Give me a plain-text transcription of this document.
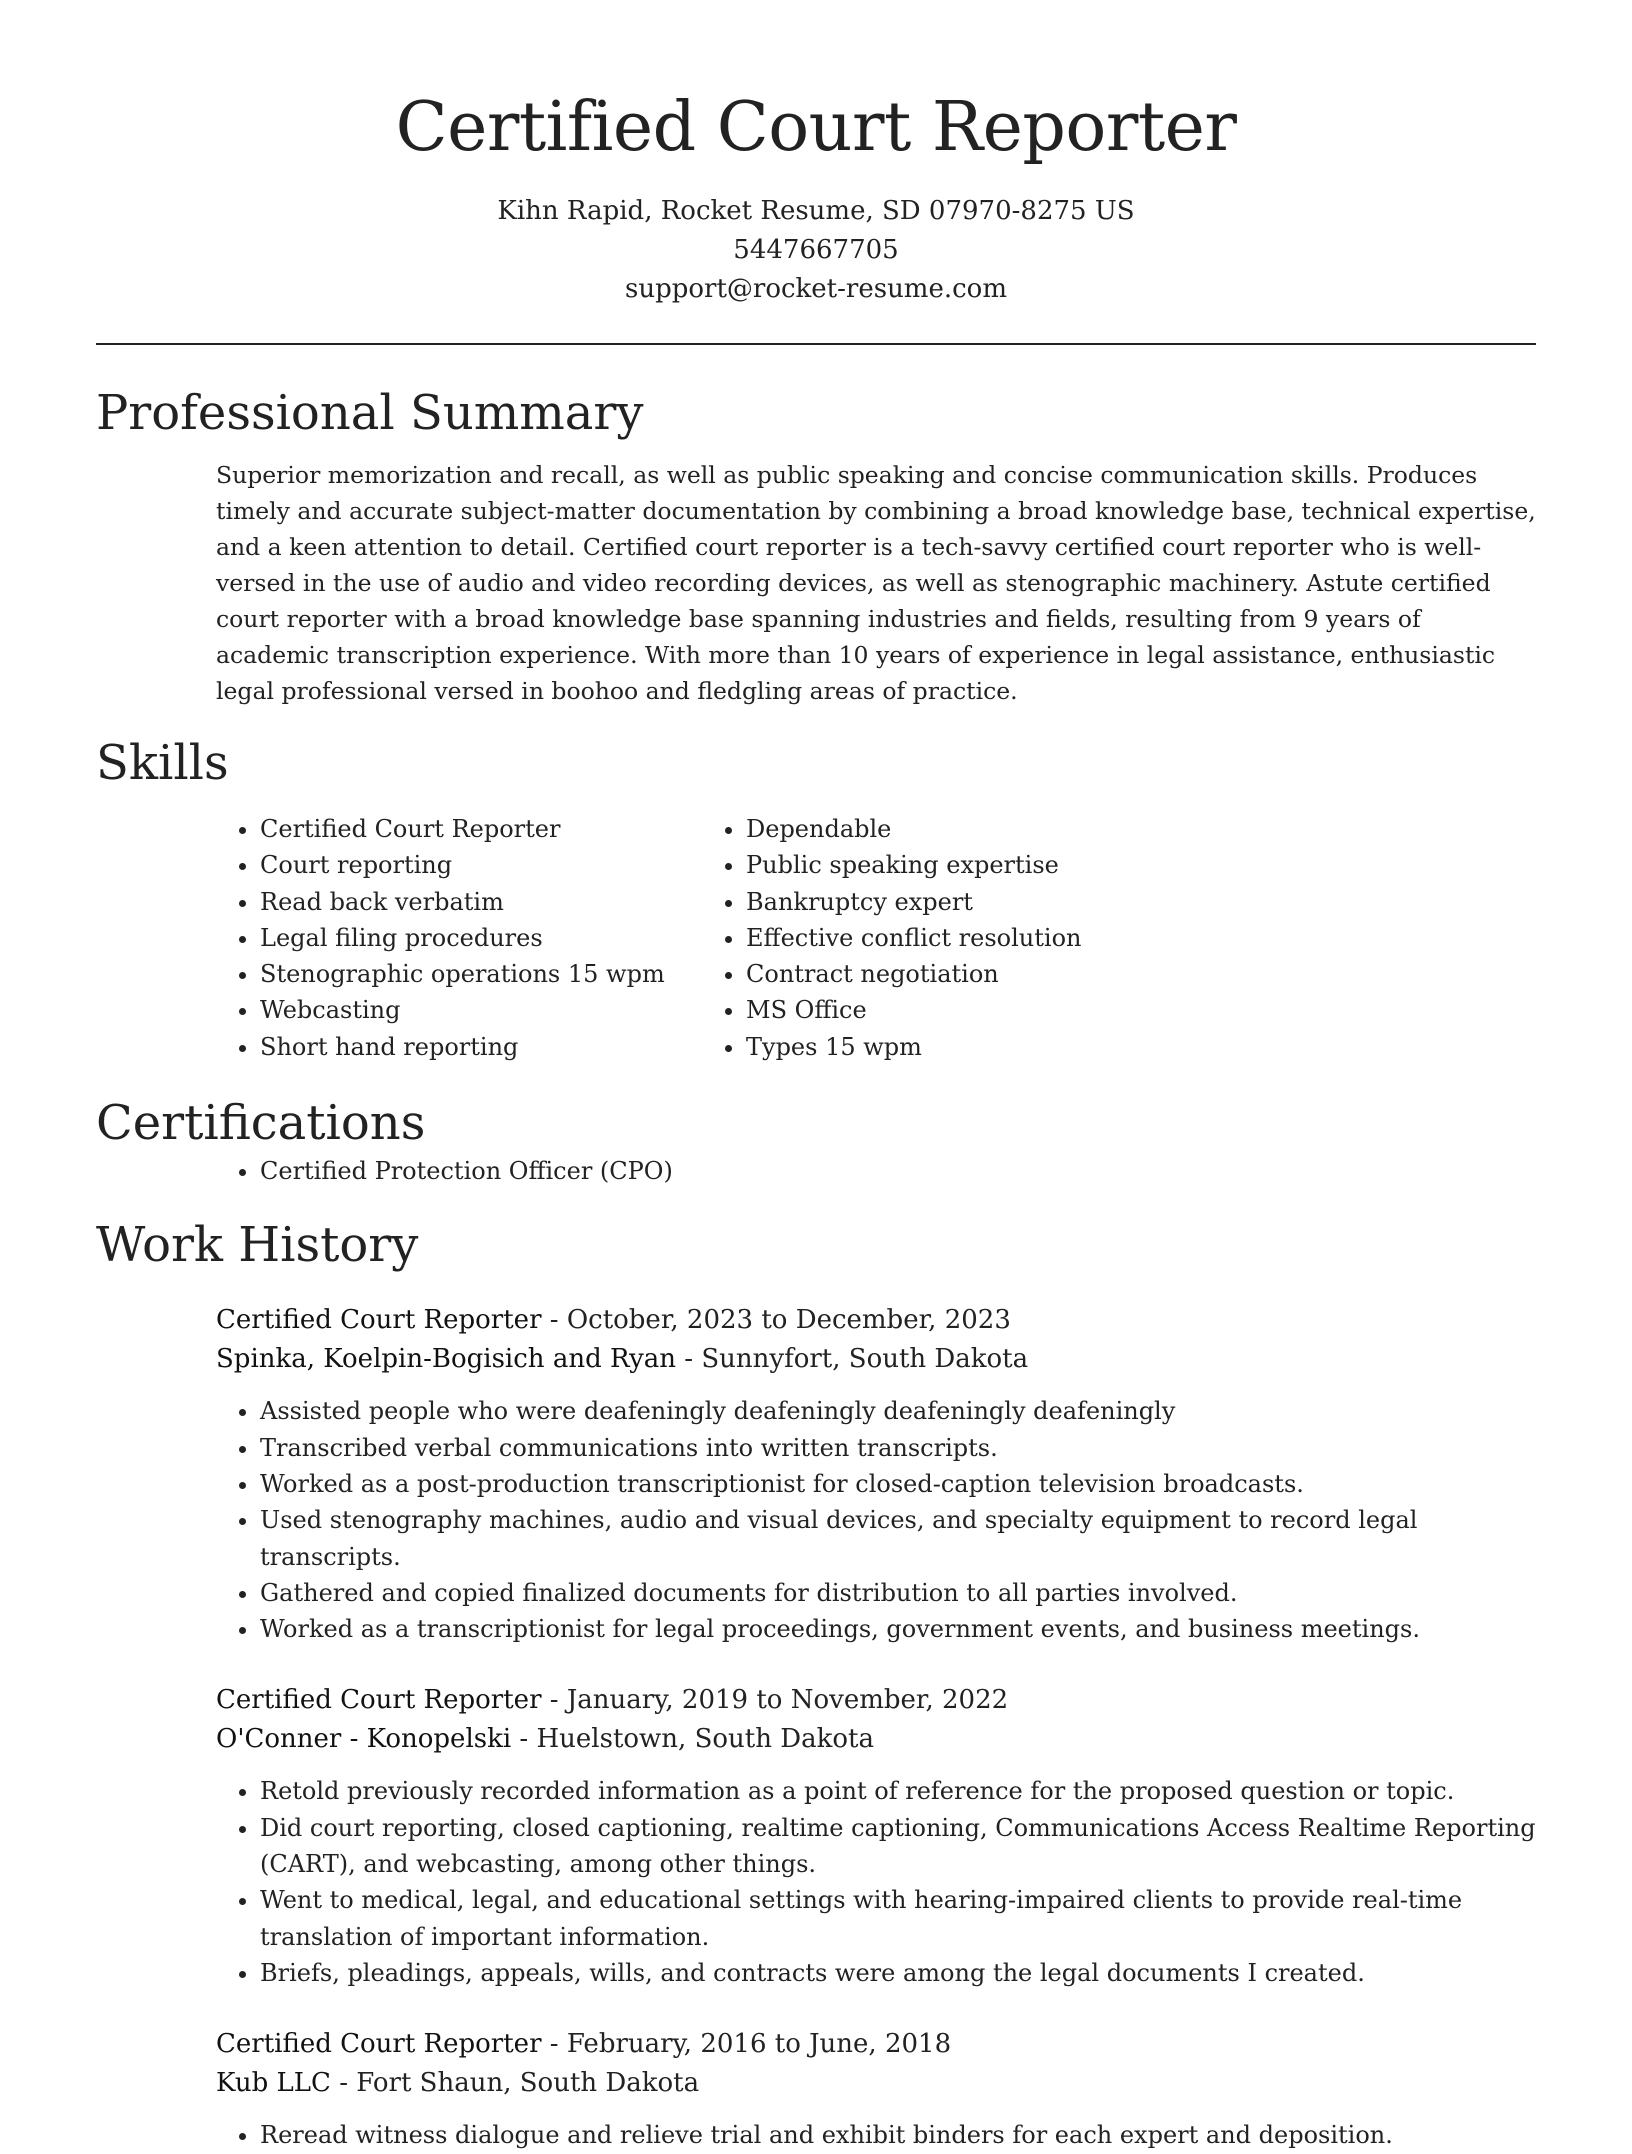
Certified Court Reporter

Kihn Rapid, Rocket Resume, SD 07970-8275 US

5447667705

support@rocket-resume.com

Professional Summary

Superior memorization and recall, as well as public speaking and concise communication skills. Produces timely and accurate subject-matter documentation by combining a broad knowledge base, technical expertise, and a keen attention to detail. Certified court reporter is a tech-savvy certified court reporter who is well-versed in the use of audio and video recording devices, as well as stenographic machinery. Astute certified court reporter with a broad knowledge base spanning industries and fields, resulting from 9 years of academic transcription experience. With more than 10 years of experience in legal assistance, enthusiastic legal professional versed in boohoo and fledgling areas of practice.

Skills
• Certified Court Reporter
• Court reporting
• Read back verbatim
• Legal filing procedures
• Stenographic operations 15 wpm
• Webcasting
• Short hand reporting
• Dependable
• Public speaking expertise
• Bankruptcy expert
• Effective conflict resolution
• Contract negotiation
• MS Office
• Types 15 wpm
Certifications
• Certified Protection Officer (CPO)
Work History

Certified Court Reporter - October, 2023 to December, 2023

Spinka, Koelpin-Bogisich and Ryan - Sunnyfort, South Dakota

• Assisted people who were deafeningly deafeningly deafeningly deafeningly
• Transcribed verbal communications into written transcripts.
• Worked as a post-production transcriptionist for closed-caption television broadcasts.
• Used stenography machines, audio and visual devices, and specialty equipment to record legal transcripts.
• Gathered and copied finalized documents for distribution to all parties involved.
• Worked as a transcriptionist for legal proceedings, government events, and business meetings.

Certified Court Reporter - January, 2019 to November, 2022

O'Conner - Konopelski - Huelstown, South Dakota

• Retold previously recorded information as a point of reference for the proposed question or topic.
• Did court reporting, closed captioning, realtime captioning, Communications Access Realtime Reporting (CART), and webcasting, among other things.
• Went to medical, legal, and educational settings with hearing-impaired clients to provide real-time translation of important information.
• Briefs, pleadings, appeals, wills, and contracts were among the legal documents I created.

Certified Court Reporter - February, 2016 to June, 2018

Kub LLC - Fort Shaun, South Dakota

• Reread witness dialogue and relieve trial and exhibit binders for each expert and deposition.
